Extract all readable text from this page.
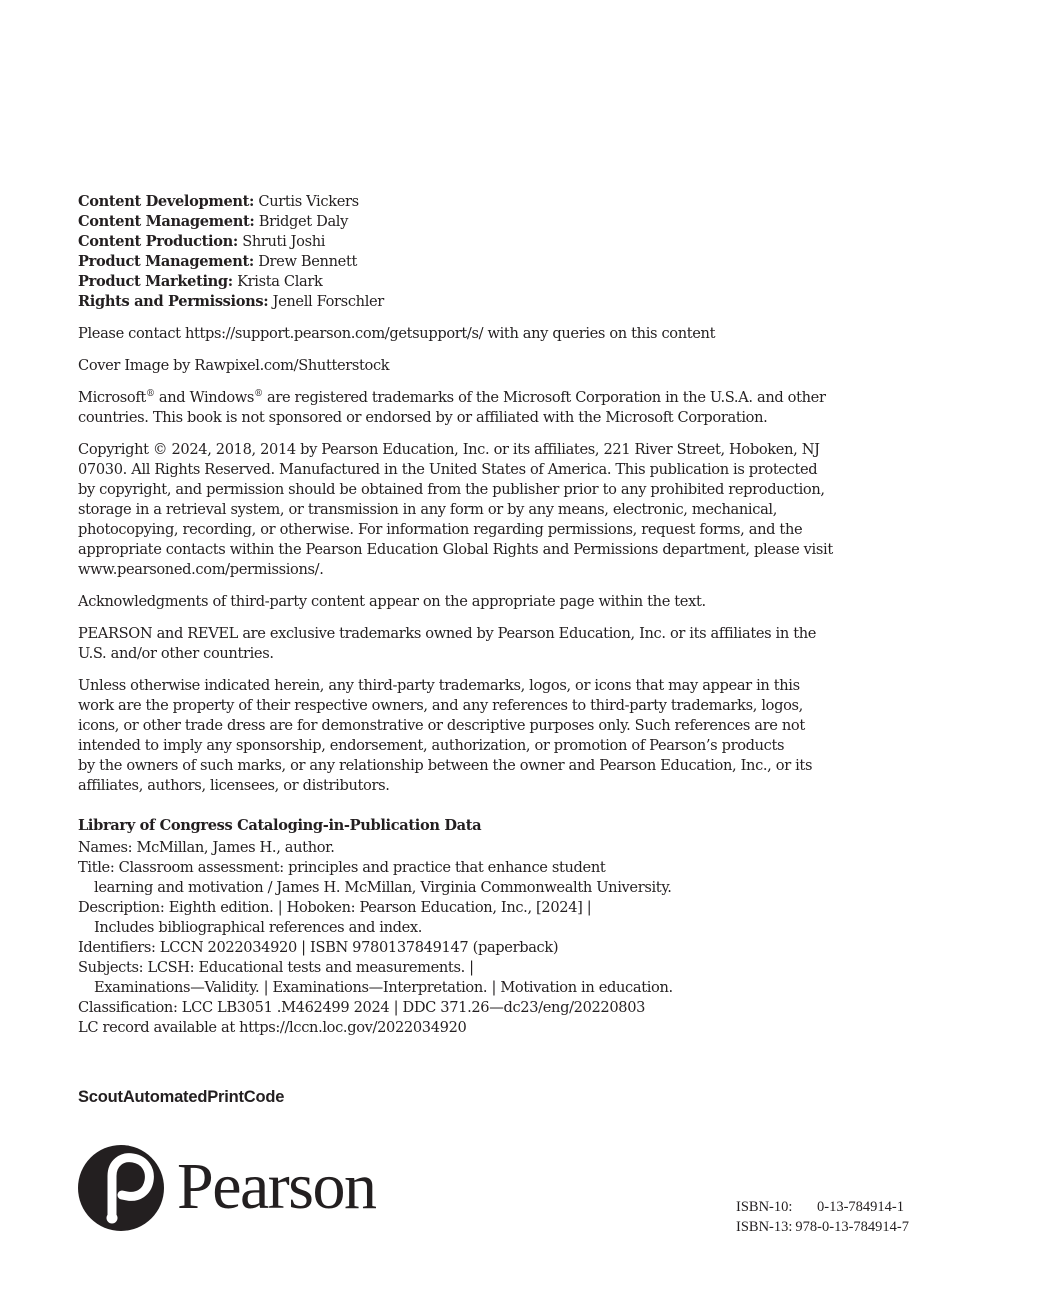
Content Development: Curtis Vickers
Content Management: Bridget Daly
Content Production: Shruti Joshi
Product Management: Drew Bennett
Product Marketing: Krista Clark
Rights and Permissions: Jenell Forschler
Please contact https://support.pearson.com/getsupport/s/ with any queries on this content
Cover Image by Rawpixel.com/Shutterstock
Microsoft® and Windows® are registered trademarks of the Microsoft Corporation in the U.S.A. and other
countries. This book is not sponsored or endorsed by or affiliated with the Microsoft Corporation.
Copyright © 2024, 2018, 2014 by Pearson Education, Inc. or its affiliates, 221 River Street, Hoboken, NJ
07030. All Rights Reserved. Manufactured in the United States of America. This publication is protected
by copyright, and permission should be obtained from the publisher prior to any prohibited reproduction,
storage in a retrieval system, or transmission in any form or by any means, electronic, mechanical,
photocopying, recording, or otherwise. For information regarding permissions, request forms, and the
appropriate contacts within the Pearson Education Global Rights and Permissions department, please visit
www.pearsoned.com/permissions/.
Acknowledgments of third-party content appear on the appropriate page within the text.
PEARSON and REVEL are exclusive trademarks owned by Pearson Education, Inc. or its affiliates in the
U.S. and/or other countries.
Unless otherwise indicated herein, any third-party trademarks, logos, or icons that may appear in this
work are the property of their respective owners, and any references to third-party trademarks, logos,
icons, or other trade dress are for demonstrative or descriptive purposes only. Such references are not
intended to imply any sponsorship, endorsement, authorization, or promotion of Pearson’s products
by the owners of such marks, or any relationship between the owner and Pearson Education, Inc., or its
affiliates, authors, licensees, or distributors.
Library of Congress Cataloging-in-Publication Data
Names: McMillan, James H., author.
Title: Classroom assessment: principles and practice that enhance student
learning and motivation / James H. McMillan, Virginia Commonwealth University.
Description: Eighth edition. | Hoboken: Pearson Education, Inc., [2024] |
Includes bibliographical references and index.
Identifiers: LCCN 2022034920 | ISBN 9780137849147 (paperback)
Subjects: LCSH: Educational tests and measurements. |
Examinations—Validity. | Examinations—Interpretation. | Motivation in education.
Classification: LCC LB3051 .M462499 2024 | DDC 371.26—dc23/eng/20220803
LC record available at https://lccn.loc.gov/2022034920
ScoutAutomatedPrintCode
Pearson	ISBN-10: 0-13-784914-1
ISBN-13: 978-0-13-784914-7
